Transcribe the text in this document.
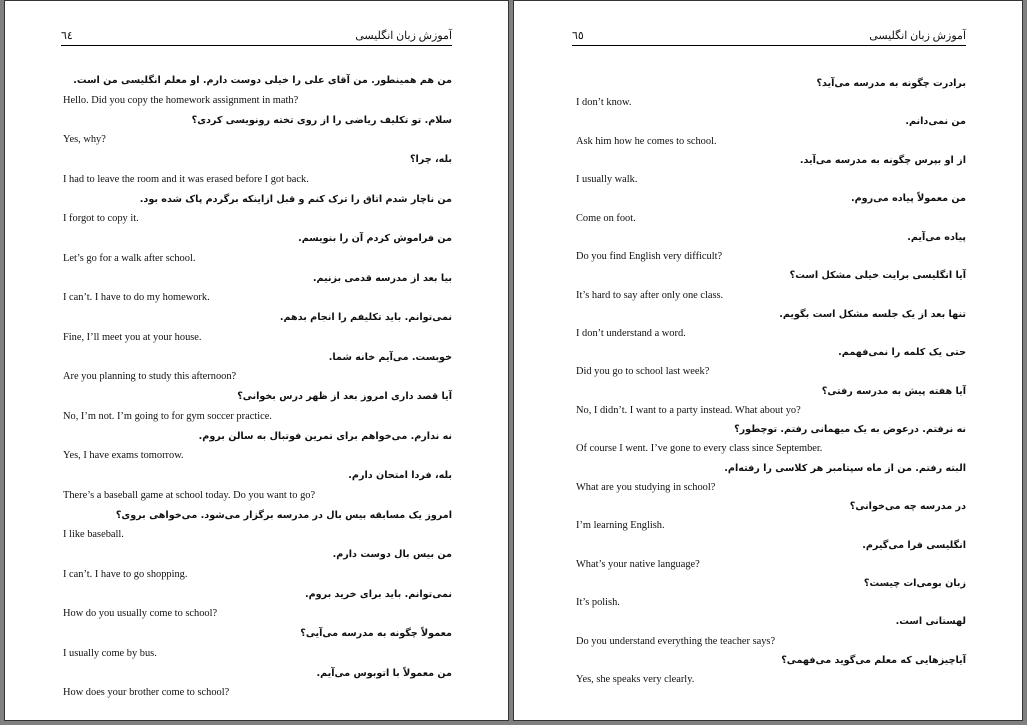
٦٤	آموزش زبان انگلیسی
من هم همینطور. من آقای علی را خیلی دوست دارم. او معلم انگلیسی من است.
Hello. Did you copy the homework assignment in math?
سلام. تو تکلیف ریاضی را از روی تخته رونویسی کردی؟
Yes, why?
بله، چرا؟
I had to leave the room and it was erased before I got back.
من ناچار شدم اتاق را ترک کنم و قبل ازاینکه برگردم پاک شده بود.
I forgot to copy it.
من فراموش کردم آن را بنویسم.
Let’s go for a walk after school.
بیا بعد از مدرسه قدمی بزنیم.
I can’t. I have to do my homework.
نمی‌توانم. باید تکلیفم را انجام بدهم.
Fine, I’ll meet you at your house.
خوبست. می‌آیم خانه شما.
Are you planning to study this afternoon?
آیا قصد داری امروز بعد از ظهر درس بخوانی؟
No, I’m not. I’m going to for gym soccer practice.
نه ندارم. می‌خواهم برای تمرین فوتبال به سالن بروم.
Yes, I have exams tomorrow.
بله، فردا امتحان دارم.
There’s a baseball game at school today. Do you want to go?
امروز یک مسابقه بیس بال در مدرسه برگزار می‌شود. می‌خواهی بروی؟
I like baseball.
من بیس بال دوست دارم.
I can’t. I have to go shopping.
نمی‌توانم. باید برای خرید بروم.
How do you usually come to school?
معمولاً چگونه به مدرسه می‌آیی؟
I usually come by bus.
من معمولاً با اتوبوس می‌آیم.
How does your brother come to school?
٦٥	آموزش زبان انگلیسی
برادرت چگونه به مدرسه می‌آید؟
I don’t know.
من نمی‌دانم.
Ask him how he comes to school.
از او بپرس چگونه به مدرسه می‌آید.
I usually walk.
من معمولاً پیاده می‌روم.
Come on foot.
پیاده می‌آیم.
Do you find English very difficult?
آیا انگلیسی برایت خیلی مشکل است؟
It’s hard to say after only one class.
تنها بعد از یک جلسه مشکل است بگویم.
I don’t understand a word.
حتی یک کلمه را نمی‌فهمم.
Did you go to school last week?
آیا هفته پیش به مدرسه رفتی؟
No, I didn’t. I want to a party instead. What about yo?
نه نرفتم. درعوض به یک میهمانی رفتم. توچطور؟
Of course I went. I’ve gone to every class since September.
البته رفتم. من از ماه سپتامبر هر کلاسی را رفته‌ام.
What are you studying in school?
در مدرسه چه می‌خوانی؟
I’m learning English.
انگلیسی فرا می‌گیرم.
What’s your native language?
زبان بومی‌ات چیست؟
It’s polish.
لهستانی است.
Do you understand everything the teacher says?
آیاچیزهایی که معلم می‌گوید می‌فهمی؟
Yes, she speaks very clearly.
